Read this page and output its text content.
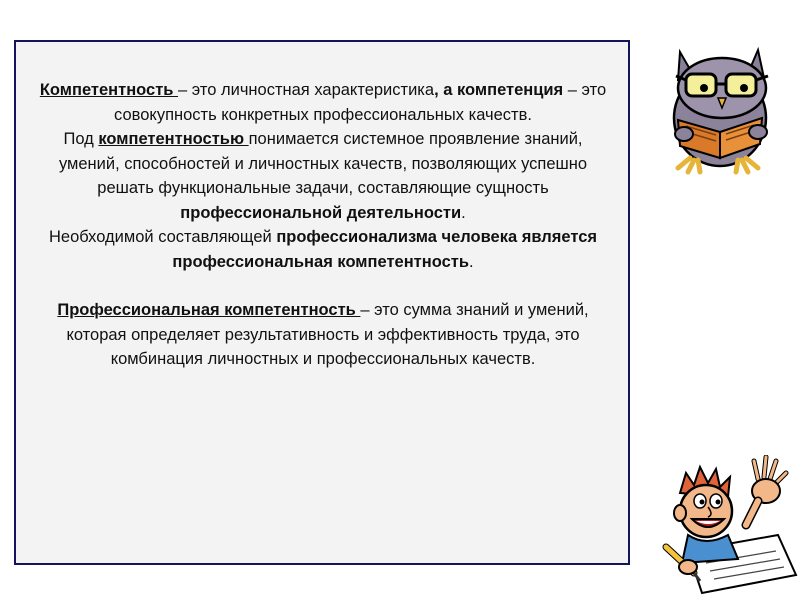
Компетентность – это личностная характеристика, а компетенция – это совокупность конкретных профессиональных качеств.

Под компетентностью понимается системное проявление знаний, умений, способностей и личностных качеств, позволяющих успешно решать функциональные задачи, составляющие сущность профессиональной деятельности.

Необходимой составляющей профессионализма человека является профессиональная компетентность.

Профессиональная компетентность – это сумма знаний и умений, которая определяет результативность и эффективность труда, это комбинация личностных и профессиональных качеств.
